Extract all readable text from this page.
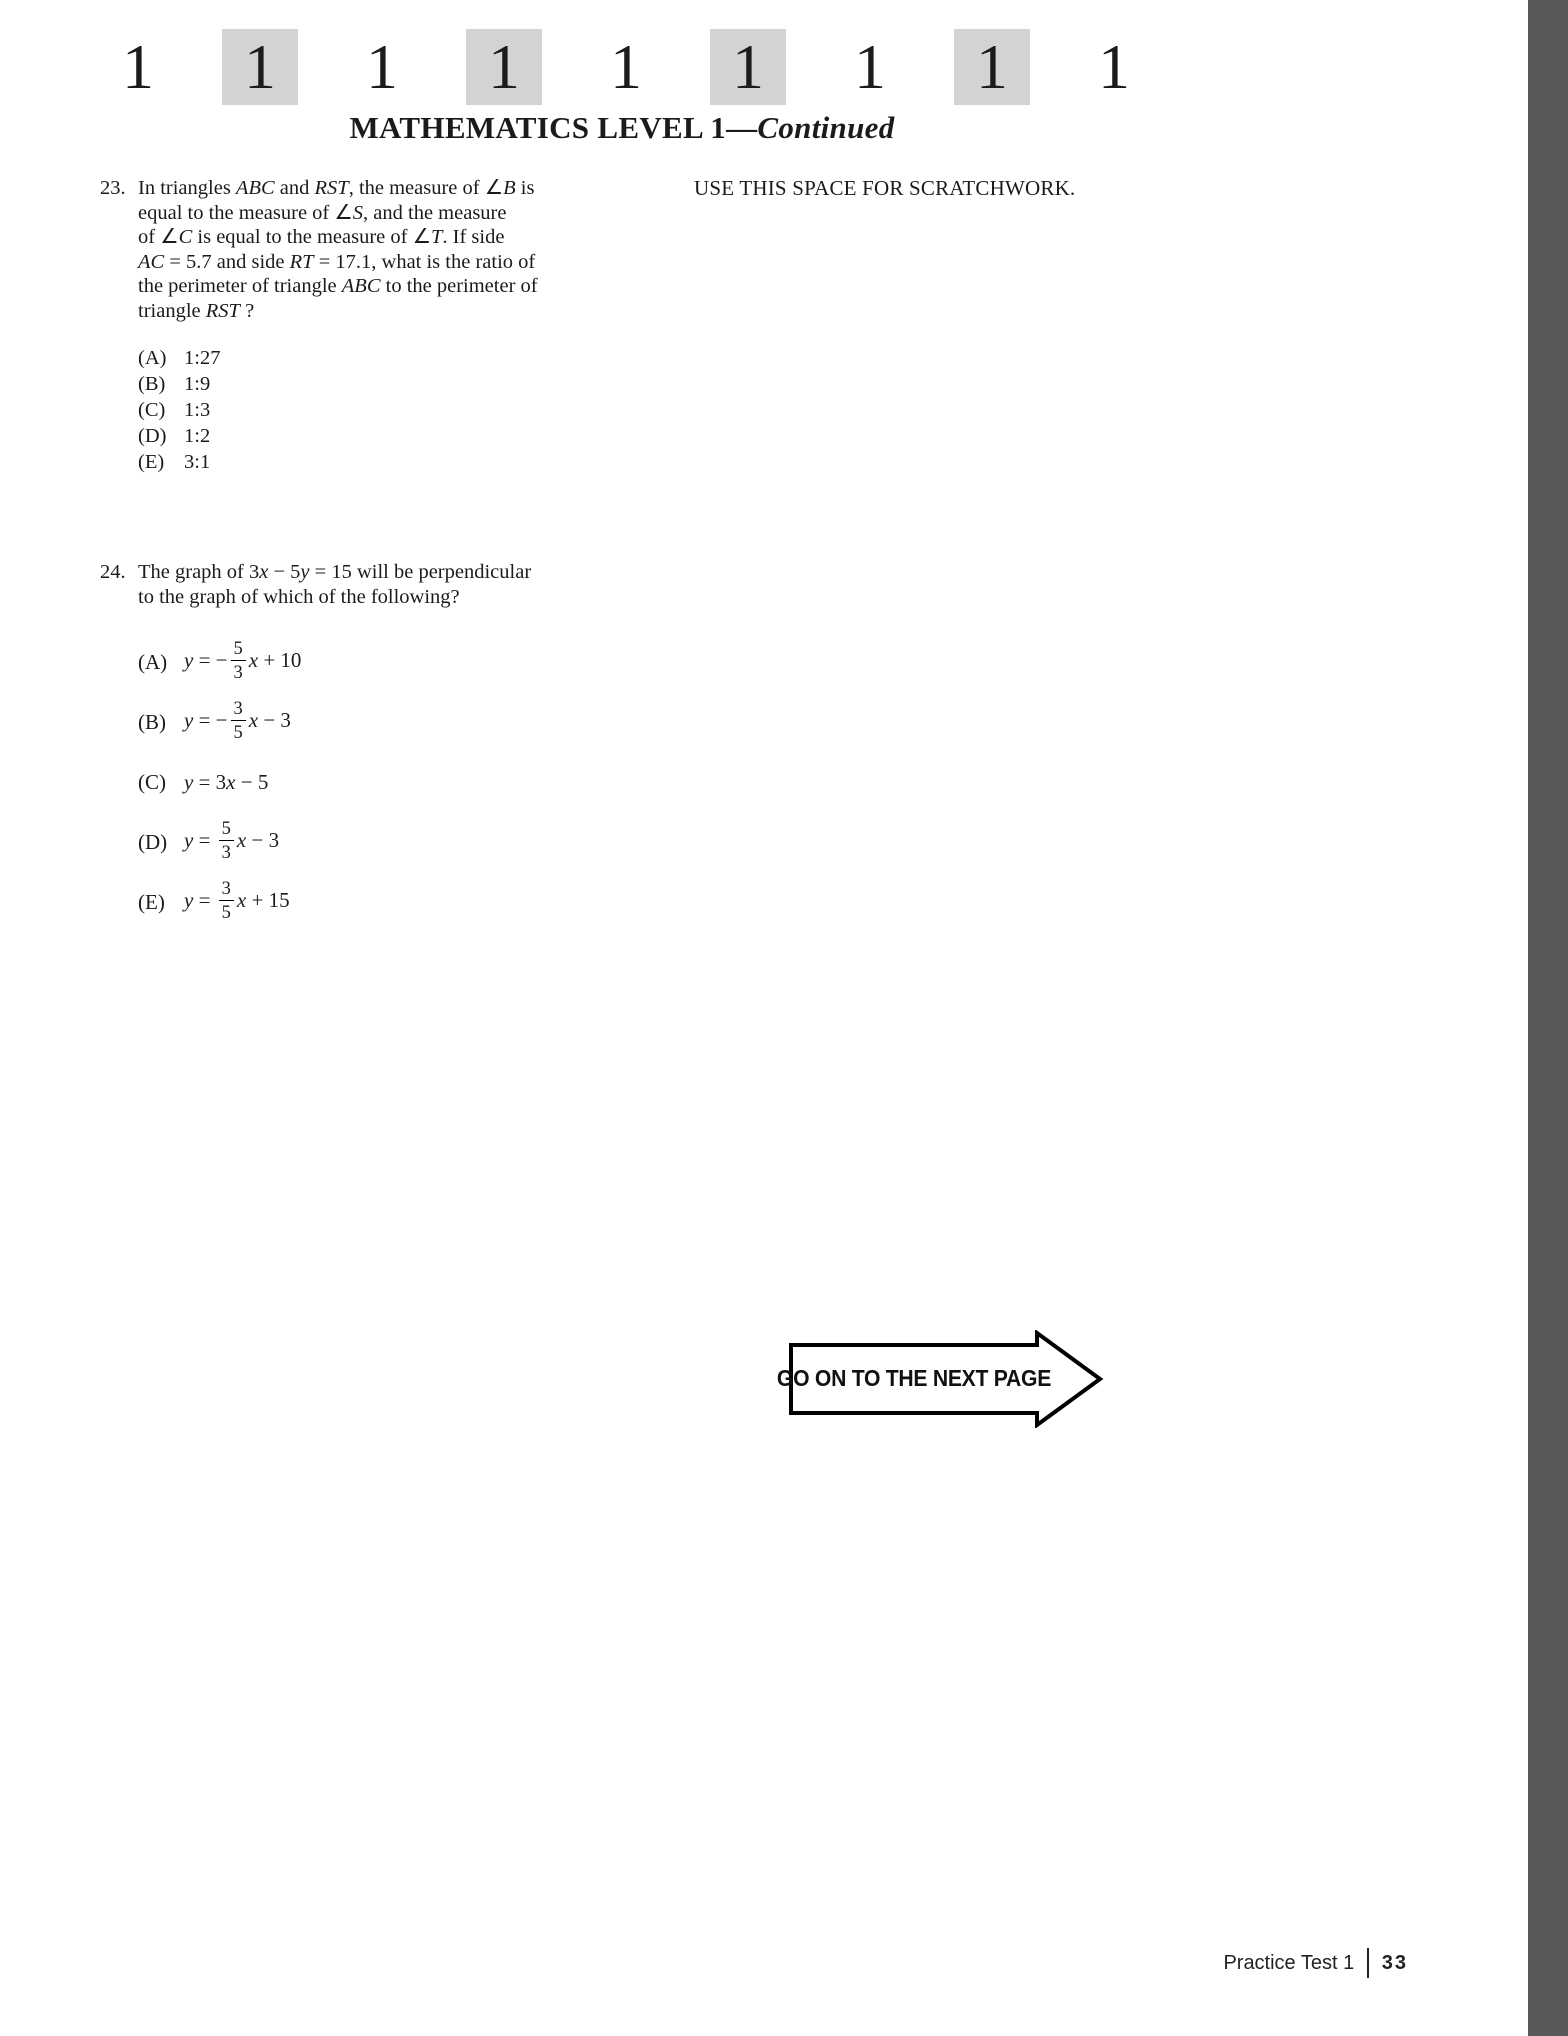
1	1	1	1	1	1	1	1	1
MATHEMATICS LEVEL 1—Continued
USE THIS SPACE FOR SCRATCHWORK.
23. In triangles ABC and RST, the measure of ∠B is
equal to the measure of ∠S, and the measure
of ∠C is equal to the measure of ∠T. If side
AC = 5.7 and side RT = 17.1, what is the ratio of
the perimeter of triangle ABC to the perimeter of
triangle RST ?
(A) 1:27
(B) 1:9
(C) 1:3
(D) 1:2
(E) 3:1
24. The graph of 3x − 5y = 15 will be perpendicular
to the graph of which of the following?
(A) y = − $\frac{5}{3}$ x + 10
(B) y = − $\frac{3}{5}$ x − 3
(C) y = 3x − 5
(D) $y = \frac{5}{3}$ x − 3
(E) $y = \frac{3}{5}$ x + 15
GO ON TO THE NEXT PAGE
Practice Test 1 33
